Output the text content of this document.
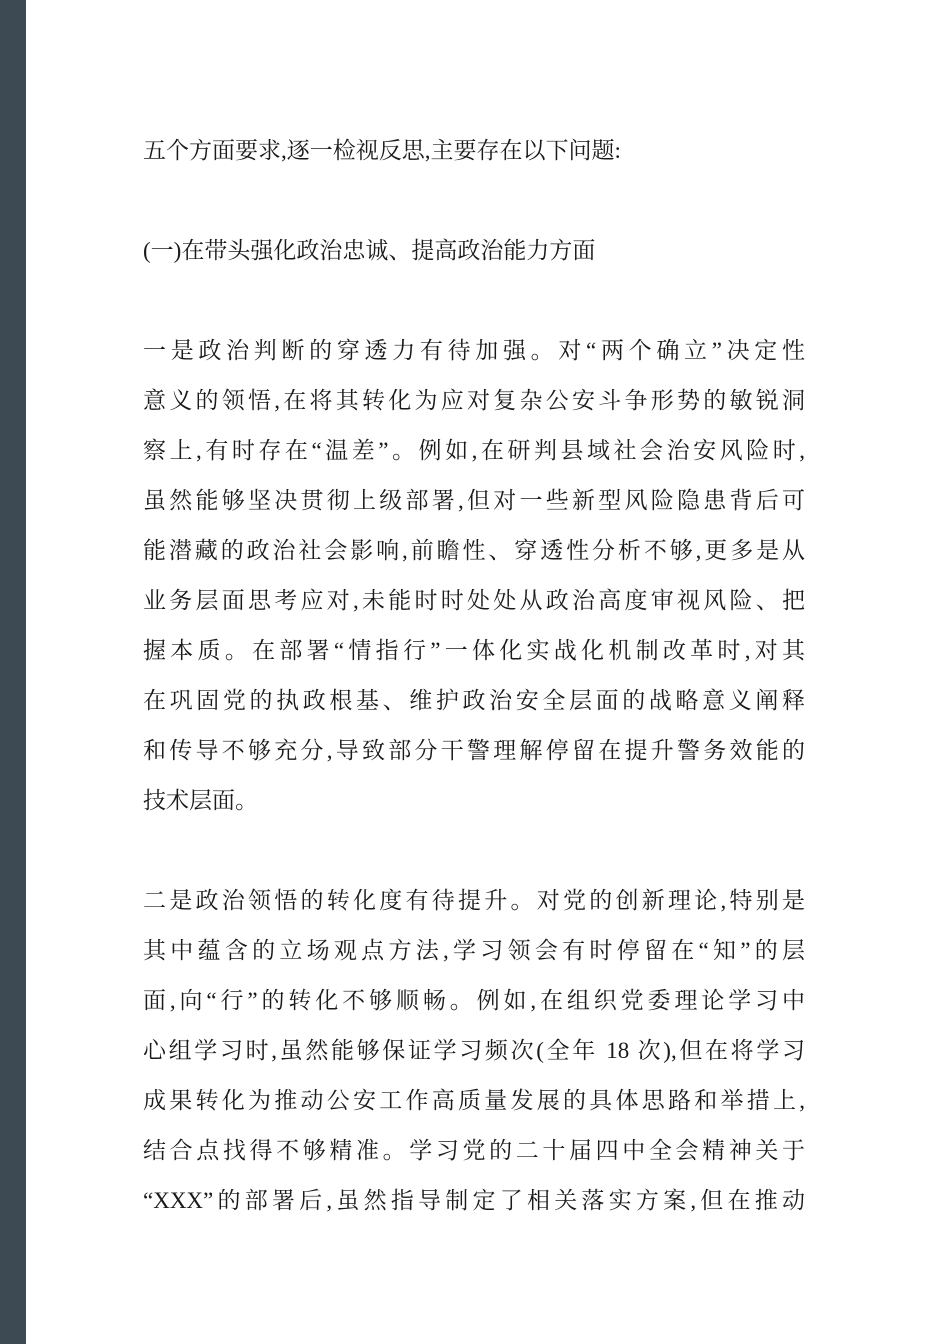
五个方面要求,逐一检视反思,主要存在以下问题:

(一)在带头强化政治忠诚、提高政治能力方面

一是政治判断的穿透力有待加强。对“两个确立”决定性

意义的领悟,在将其转化为应对复杂公安斗争形势的敏锐洞

察上,有时存在“温差”。例如,在研判县域社会治安风险时,

虽然能够坚决贯彻上级部署,但对一些新型风险隐患背后可

能潜藏的政治社会影响,前瞻性、穿透性分析不够,更多是从

业务层面思考应对,未能时时处处从政治高度审视风险、把

握本质。在部署“情指行”一体化实战化机制改革时,对其

在巩固党的执政根基、维护政治安全层面的战略意义阐释

和传导不够充分,导致部分干警理解停留在提升警务效能的

技术层面。

二是政治领悟的转化度有待提升。对党的创新理论,特别是

其中蕴含的立场观点方法,学习领会有时停留在“知”的层

面,向“行”的转化不够顺畅。例如,在组织党委理论学习中

心组学习时,虽然能够保证学习频次(全年 18 次),但在将学习

成果转化为推动公安工作高质量发展的具体思路和举措上,

结合点找得不够精准。学习党的二十届四中全会精神关于

“XXX”的部署后,虽然指导制定了相关落实方案,但在推动
